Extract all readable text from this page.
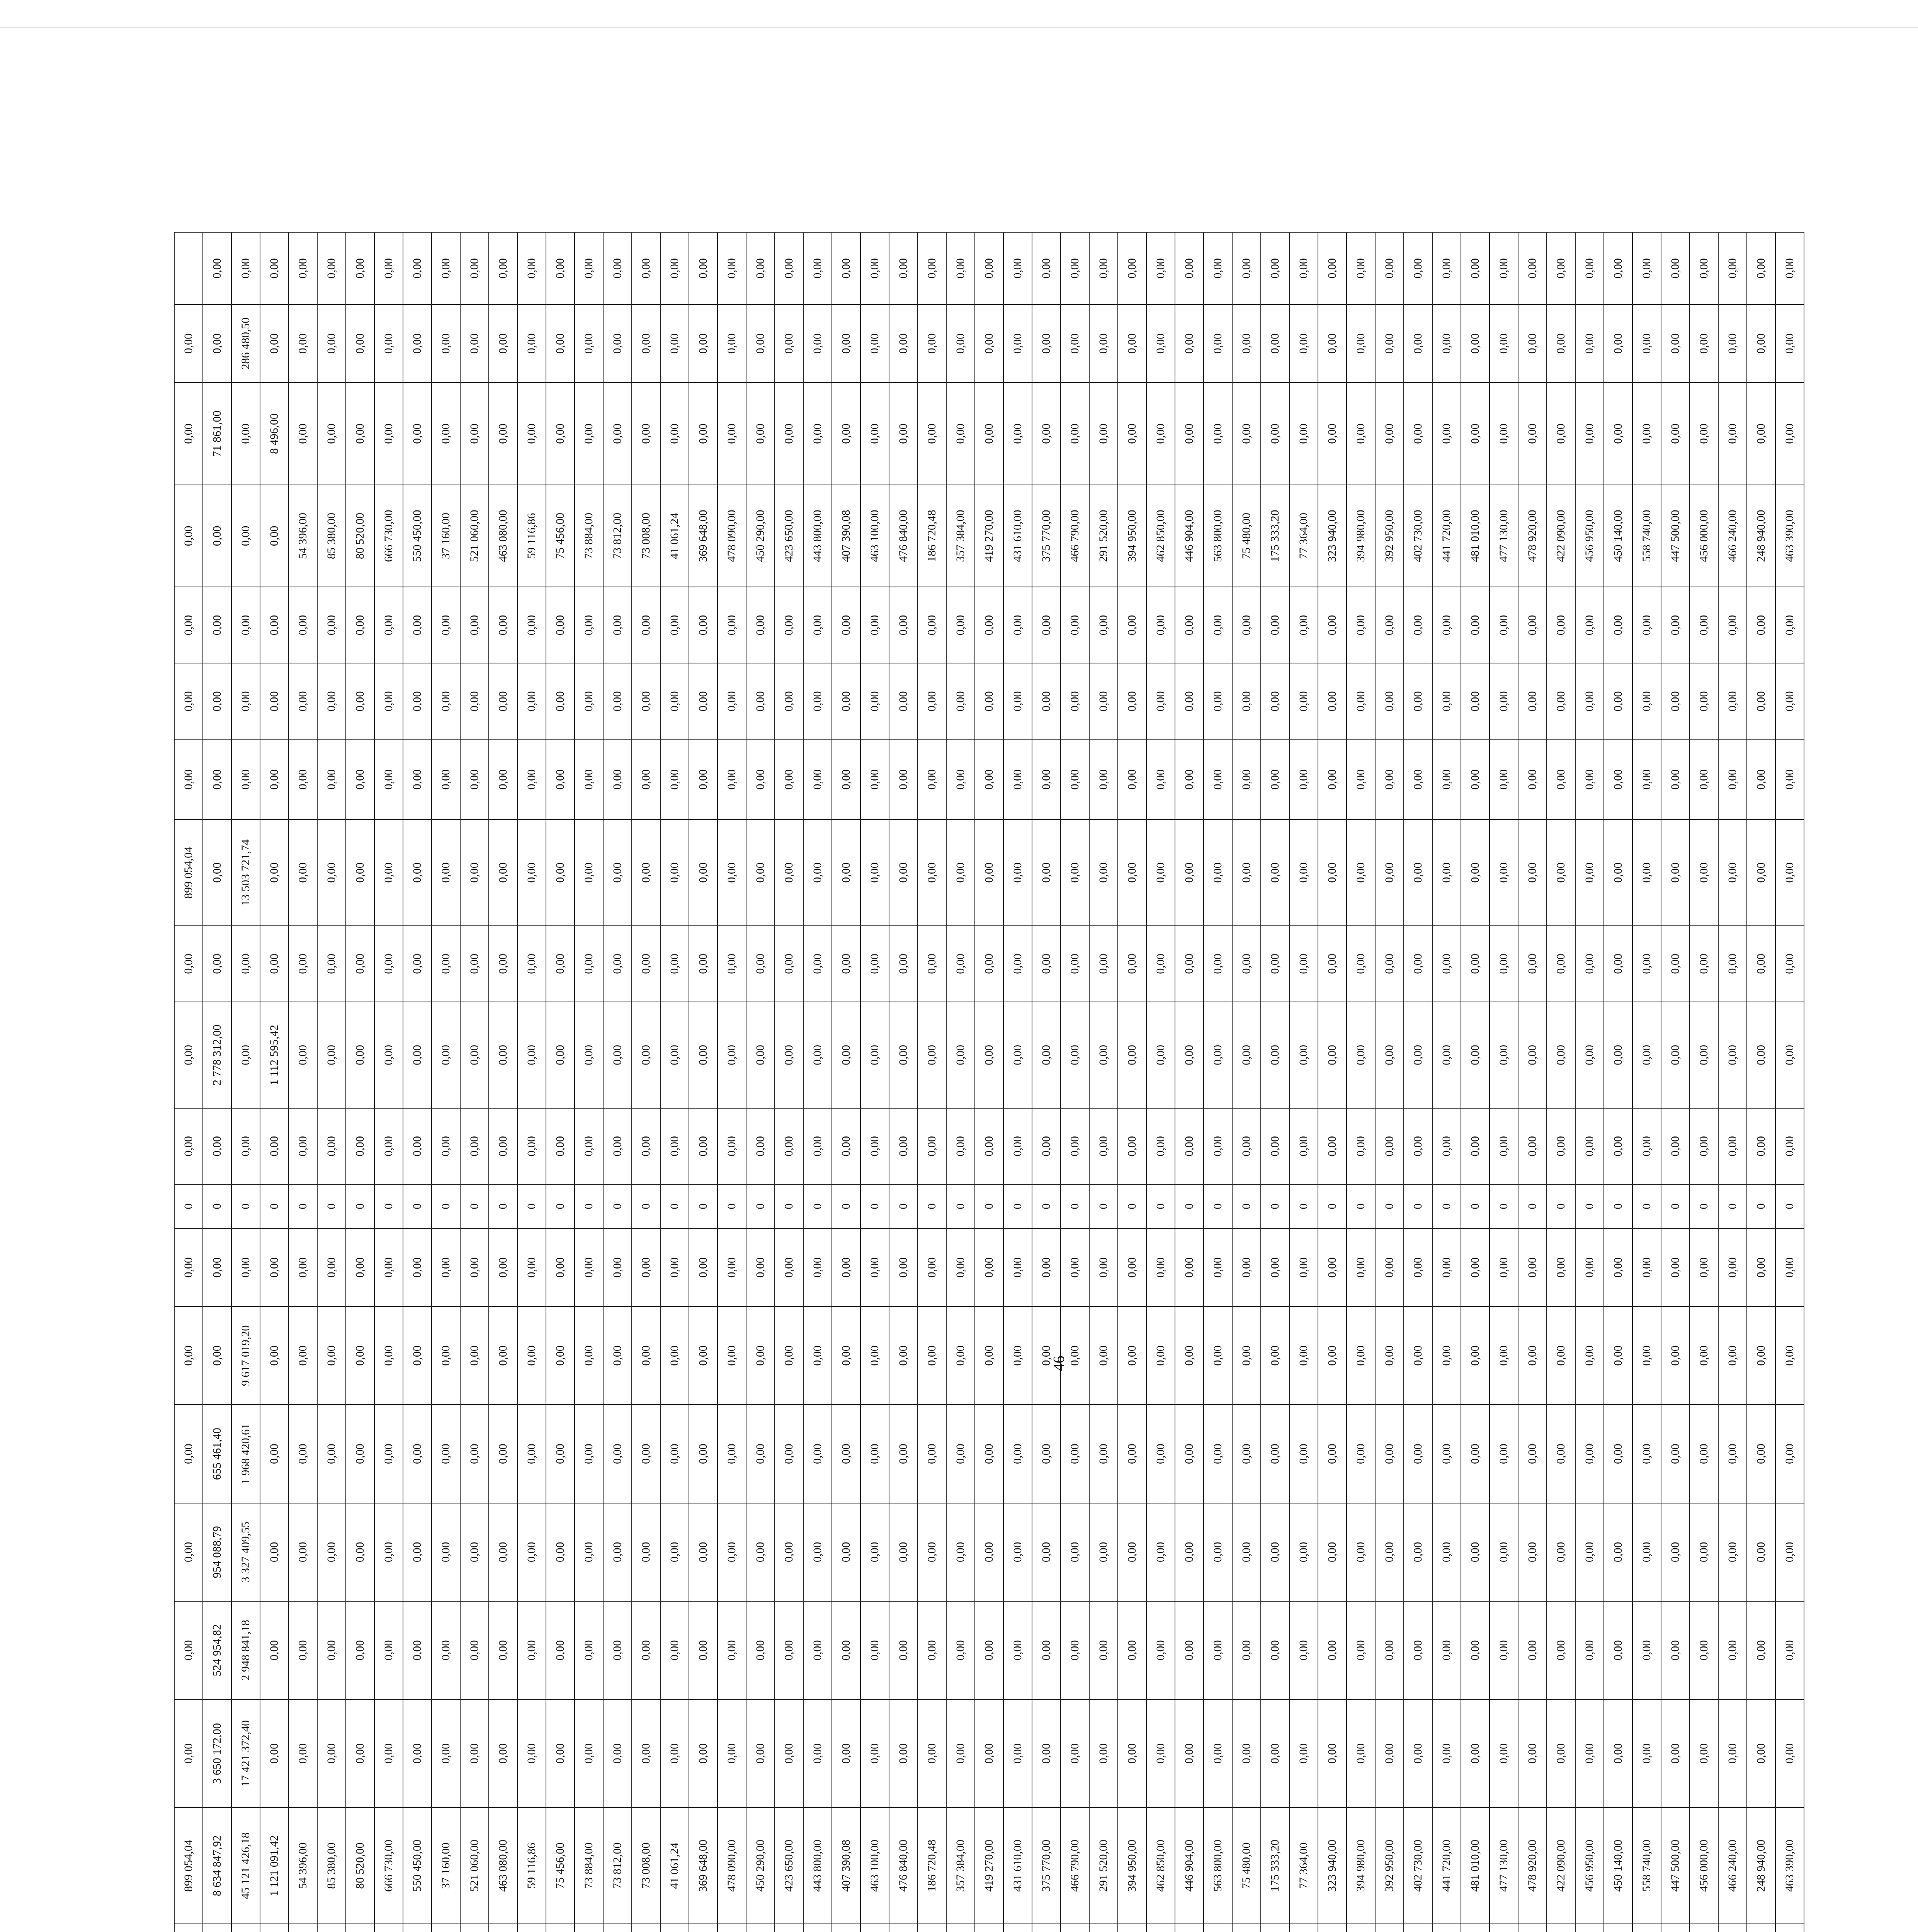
		899 054,04	0,00	0,00	0,00	0,00	0,00	0,00	0	0,00	0,00	0,00	899 054,04	0,00	0,00	0,00	0,00	0,00	0,00	
		8 634 847,92	3 650 172,00	524 954,82	954 088,79	655 461,40	0,00	0,00	0	0,00	2 778 312,00	0,00	0,00	0,00	0,00	0,00	0,00	71 861,00	0,00	0,00
		45 121 426,18	17 421 372,40	2 948 841,18	3 327 409,55	1 968 420,61	9 617 019,20	0,00	0	0,00	0,00	0,00	13 503 721,74	0,00	0,00	0,00	0,00	0,00	286 480,50	0,00
		1 121 091,42	0,00	0,00	0,00	0,00	0,00	0,00	0	0,00	1 112 595,42	0,00	0,00	0,00	0,00	0,00	0,00	8 496,00	0,00	0,00
		54 396,00	0,00	0,00	0,00	0,00	0,00	0,00	0	0,00	0,00	0,00	0,00	0,00	0,00	0,00	54 396,00	0,00	0,00	0,00
		85 380,00	0,00	0,00	0,00	0,00	0,00	0,00	0	0,00	0,00	0,00	0,00	0,00	0,00	0,00	85 380,00	0,00	0,00	0,00
		80 520,00	0,00	0,00	0,00	0,00	0,00	0,00	0	0,00	0,00	0,00	0,00	0,00	0,00	0,00	80 520,00	0,00	0,00	0,00
		666 730,00	0,00	0,00	0,00	0,00	0,00	0,00	0	0,00	0,00	0,00	0,00	0,00	0,00	0,00	666 730,00	0,00	0,00	0,00
		550 450,00	0,00	0,00	0,00	0,00	0,00	0,00	0	0,00	0,00	0,00	0,00	0,00	0,00	0,00	550 450,00	0,00	0,00	0,00
		37 160,00	0,00	0,00	0,00	0,00	0,00	0,00	0	0,00	0,00	0,00	0,00	0,00	0,00	0,00	37 160,00	0,00	0,00	0,00
		521 060,00	0,00	0,00	0,00	0,00	0,00	0,00	0	0,00	0,00	0,00	0,00	0,00	0,00	0,00	521 060,00	0,00	0,00	0,00
		463 080,00	0,00	0,00	0,00	0,00	0,00	0,00	0	0,00	0,00	0,00	0,00	0,00	0,00	0,00	463 080,00	0,00	0,00	0,00
		59 116,86	0,00	0,00	0,00	0,00	0,00	0,00	0	0,00	0,00	0,00	0,00	0,00	0,00	0,00	59 116,86	0,00	0,00	0,00
		75 456,00	0,00	0,00	0,00	0,00	0,00	0,00	0	0,00	0,00	0,00	0,00	0,00	0,00	0,00	75 456,00	0,00	0,00	0,00
		73 884,00	0,00	0,00	0,00	0,00	0,00	0,00	0	0,00	0,00	0,00	0,00	0,00	0,00	0,00	73 884,00	0,00	0,00	0,00
		73 812,00	0,00	0,00	0,00	0,00	0,00	0,00	0	0,00	0,00	0,00	0,00	0,00	0,00	0,00	73 812,00	0,00	0,00	0,00
		73 008,00	0,00	0,00	0,00	0,00	0,00	0,00	0	0,00	0,00	0,00	0,00	0,00	0,00	0,00	73 008,00	0,00	0,00	0,00
		41 061,24	0,00	0,00	0,00	0,00	0,00	0,00	0	0,00	0,00	0,00	0,00	0,00	0,00	0,00	41 061,24	0,00	0,00	0,00
		369 648,00	0,00	0,00	0,00	0,00	0,00	0,00	0	0,00	0,00	0,00	0,00	0,00	0,00	0,00	369 648,00	0,00	0,00	0,00
		478 090,00	0,00	0,00	0,00	0,00	0,00	0,00	0	0,00	0,00	0,00	0,00	0,00	0,00	0,00	478 090,00	0,00	0,00	0,00
		450 290,00	0,00	0,00	0,00	0,00	0,00	0,00	0	0,00	0,00	0,00	0,00	0,00	0,00	0,00	450 290,00	0,00	0,00	0,00
		423 650,00	0,00	0,00	0,00	0,00	0,00	0,00	0	0,00	0,00	0,00	0,00	0,00	0,00	0,00	423 650,00	0,00	0,00	0,00
		443 800,00	0,00	0,00	0,00	0,00	0,00	0,00	0	0,00	0,00	0,00	0,00	0,00	0,00	0,00	443 800,00	0,00	0,00	0,00
		407 390,08	0,00	0,00	0,00	0,00	0,00	0,00	0	0,00	0,00	0,00	0,00	0,00	0,00	0,00	407 390,08	0,00	0,00	0,00
		463 100,00	0,00	0,00	0,00	0,00	0,00	0,00	0	0,00	0,00	0,00	0,00	0,00	0,00	0,00	463 100,00	0,00	0,00	0,00
		476 840,00	0,00	0,00	0,00	0,00	0,00	0,00	0	0,00	0,00	0,00	0,00	0,00	0,00	0,00	476 840,00	0,00	0,00	0,00
		186 720,48	0,00	0,00	0,00	0,00	0,00	0,00	0	0,00	0,00	0,00	0,00	0,00	0,00	0,00	186 720,48	0,00	0,00	0,00
		357 384,00	0,00	0,00	0,00	0,00	0,00	0,00	0	0,00	0,00	0,00	0,00	0,00	0,00	0,00	357 384,00	0,00	0,00	0,00
		419 270,00	0,00	0,00	0,00	0,00	0,00	0,00	0	0,00	0,00	0,00	0,00	0,00	0,00	0,00	419 270,00	0,00	0,00	0,00
		431 610,00	0,00	0,00	0,00	0,00	0,00	0,00	0	0,00	0,00	0,00	0,00	0,00	0,00	0,00	431 610,00	0,00	0,00	0,00
		375 770,00	0,00	0,00	0,00	0,00	0,00	0,00	0	0,00	0,00	0,00	0,00	0,00	0,00	0,00	375 770,00	0,00	0,00	0,00
		466 790,00	0,00	0,00	0,00	0,00	0,00	0,00	0	0,00	0,00	0,00	0,00	0,00	0,00	0,00	466 790,00	0,00	0,00	0,00
		291 520,00	0,00	0,00	0,00	0,00	0,00	0,00	0	0,00	0,00	0,00	0,00	0,00	0,00	0,00	291 520,00	0,00	0,00	0,00
		394 950,00	0,00	0,00	0,00	0,00	0,00	0,00	0	0,00	0,00	0,00	0,00	0,00	0,00	0,00	394 950,00	0,00	0,00	0,00
		462 850,00	0,00	0,00	0,00	0,00	0,00	0,00	0	0,00	0,00	0,00	0,00	0,00	0,00	0,00	462 850,00	0,00	0,00	0,00
		446 904,00	0,00	0,00	0,00	0,00	0,00	0,00	0	0,00	0,00	0,00	0,00	0,00	0,00	0,00	446 904,00	0,00	0,00	0,00
		563 800,00	0,00	0,00	0,00	0,00	0,00	0,00	0	0,00	0,00	0,00	0,00	0,00	0,00	0,00	563 800,00	0,00	0,00	0,00
		75 480,00	0,00	0,00	0,00	0,00	0,00	0,00	0	0,00	0,00	0,00	0,00	0,00	0,00	0,00	75 480,00	0,00	0,00	0,00
		175 333,20	0,00	0,00	0,00	0,00	0,00	0,00	0	0,00	0,00	0,00	0,00	0,00	0,00	0,00	175 333,20	0,00	0,00	0,00
		77 364,00	0,00	0,00	0,00	0,00	0,00	0,00	0	0,00	0,00	0,00	0,00	0,00	0,00	0,00	77 364,00	0,00	0,00	0,00
		323 940,00	0,00	0,00	0,00	0,00	0,00	0,00	0	0,00	0,00	0,00	0,00	0,00	0,00	0,00	323 940,00	0,00	0,00	0,00
		394 980,00	0,00	0,00	0,00	0,00	0,00	0,00	0	0,00	0,00	0,00	0,00	0,00	0,00	0,00	394 980,00	0,00	0,00	0,00
		392 950,00	0,00	0,00	0,00	0,00	0,00	0,00	0	0,00	0,00	0,00	0,00	0,00	0,00	0,00	392 950,00	0,00	0,00	0,00
		402 730,00	0,00	0,00	0,00	0,00	0,00	0,00	0	0,00	0,00	0,00	0,00	0,00	0,00	0,00	402 730,00	0,00	0,00	0,00
		441 720,00	0,00	0,00	0,00	0,00	0,00	0,00	0	0,00	0,00	0,00	0,00	0,00	0,00	0,00	441 720,00	0,00	0,00	0,00
		481 010,00	0,00	0,00	0,00	0,00	0,00	0,00	0	0,00	0,00	0,00	0,00	0,00	0,00	0,00	481 010,00	0,00	0,00	0,00
		477 130,00	0,00	0,00	0,00	0,00	0,00	0,00	0	0,00	0,00	0,00	0,00	0,00	0,00	0,00	477 130,00	0,00	0,00	0,00
		478 920,00	0,00	0,00	0,00	0,00	0,00	0,00	0	0,00	0,00	0,00	0,00	0,00	0,00	0,00	478 920,00	0,00	0,00	0,00
		422 090,00	0,00	0,00	0,00	0,00	0,00	0,00	0	0,00	0,00	0,00	0,00	0,00	0,00	0,00	422 090,00	0,00	0,00	0,00
		456 950,00	0,00	0,00	0,00	0,00	0,00	0,00	0	0,00	0,00	0,00	0,00	0,00	0,00	0,00	456 950,00	0,00	0,00	0,00
		450 140,00	0,00	0,00	0,00	0,00	0,00	0,00	0	0,00	0,00	0,00	0,00	0,00	0,00	0,00	450 140,00	0,00	0,00	0,00
		558 740,00	0,00	0,00	0,00	0,00	0,00	0,00	0	0,00	0,00	0,00	0,00	0,00	0,00	0,00	558 740,00	0,00	0,00	0,00
		447 500,00	0,00	0,00	0,00	0,00	0,00	0,00	0	0,00	0,00	0,00	0,00	0,00	0,00	0,00	447 500,00	0,00	0,00	0,00
		456 000,00	0,00	0,00	0,00	0,00	0,00	0,00	0	0,00	0,00	0,00	0,00	0,00	0,00	0,00	456 000,00	0,00	0,00	0,00
		466 240,00	0,00	0,00	0,00	0,00	0,00	0,00	0	0,00	0,00	0,00	0,00	0,00	0,00	0,00	466 240,00	0,00	0,00	0,00
		248 940,00	0,00	0,00	0,00	0,00	0,00	0,00	0	0,00	0,00	0,00	0,00	0,00	0,00	0,00	248 940,00	0,00	0,00	0,00
		463 390,00	0,00	0,00	0,00	0,00	0,00	0,00	0	0,00	0,00	0,00	0,00	0,00	0,00	0,00	463 390,00	0,00	0,00	0,00
46
